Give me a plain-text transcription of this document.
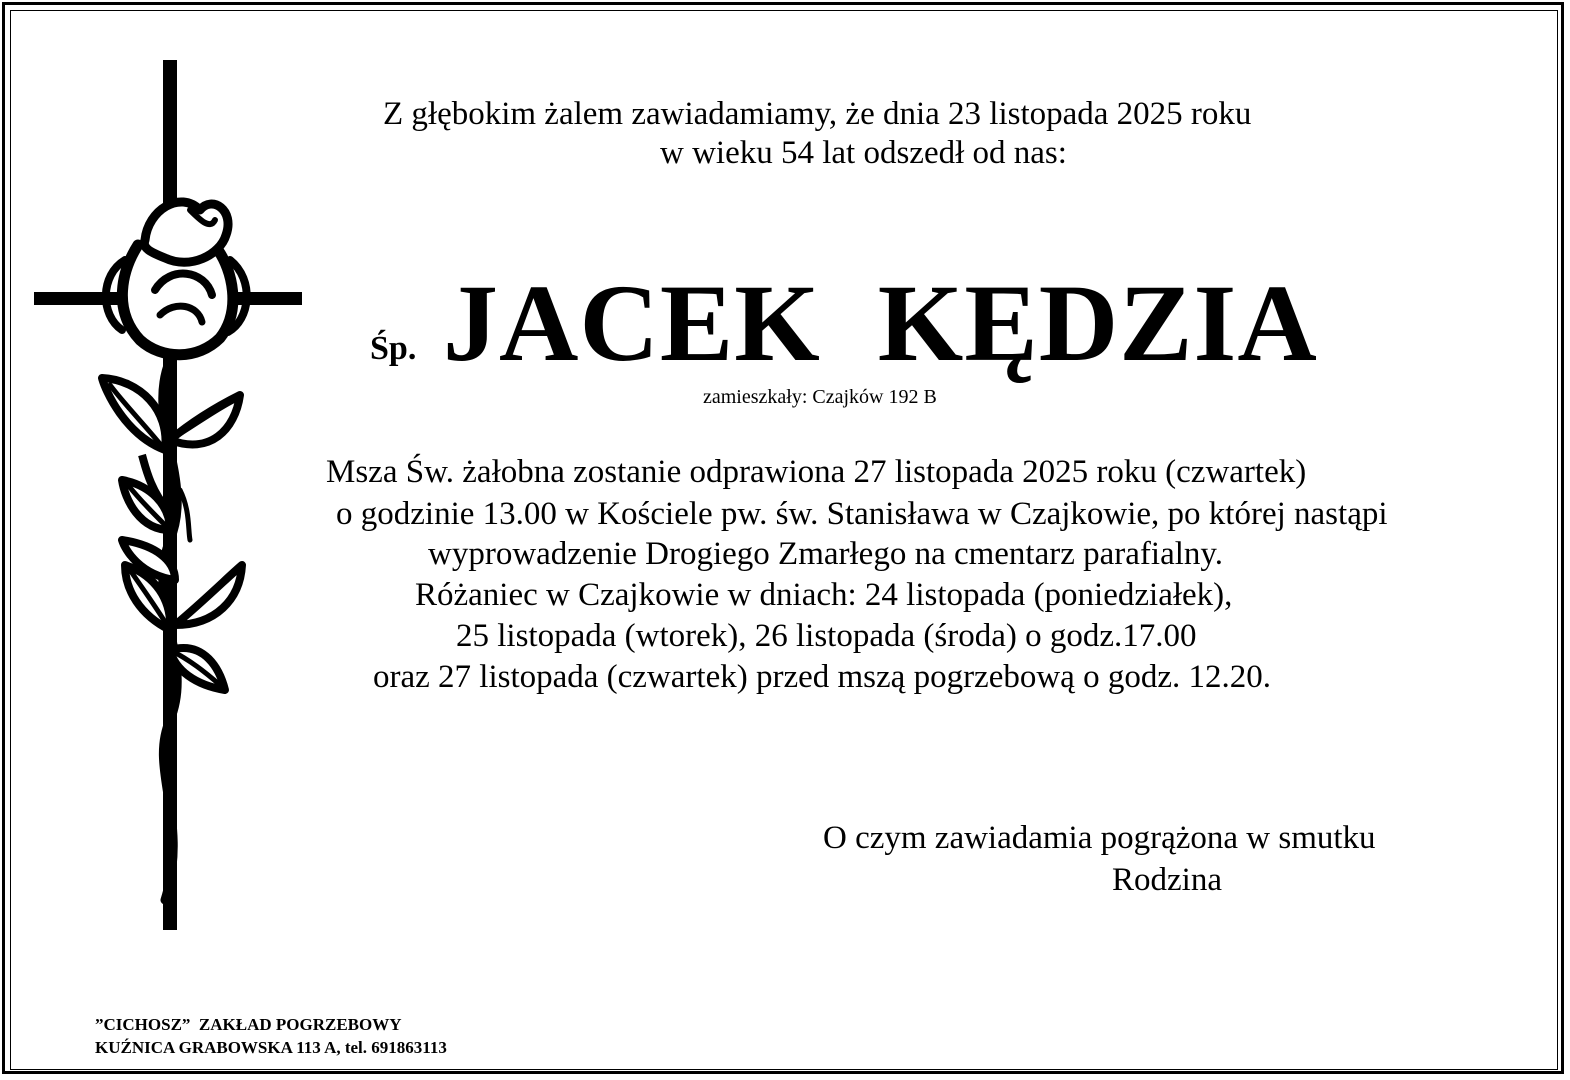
Z głębokim żalem zawiadamiamy, że dnia 23 listopada 2025 roku
w wieku 54 lat odszedł od nas:
Śp. JACEK  KĘDZIA
zamieszkały: Czajków 192 B
Msza Św. żałobna zostanie odprawiona 27 listopada 2025 roku (czwartek)
o godzinie 13.00 w Kościele pw. św. Stanisława w Czajkowie, po której nastąpi
wyprowadzenie Drogiego Zmarłego na cmentarz parafialny.
Różaniec w Czajkowie w dniach: 24 listopada (poniedziałek),
25 listopada (wtorek), 26 listopada (środa) o godz.17.00
oraz 27 listopada (czwartek) przed mszą pogrzebową o godz. 12.20.
O czym zawiadamia pogrążona w smutku
Rodzina
”CICHOSZ”  ZAKŁAD POGRZEBOWY
KUŹNICA GRABOWSKA 113 A, tel. 691863113
